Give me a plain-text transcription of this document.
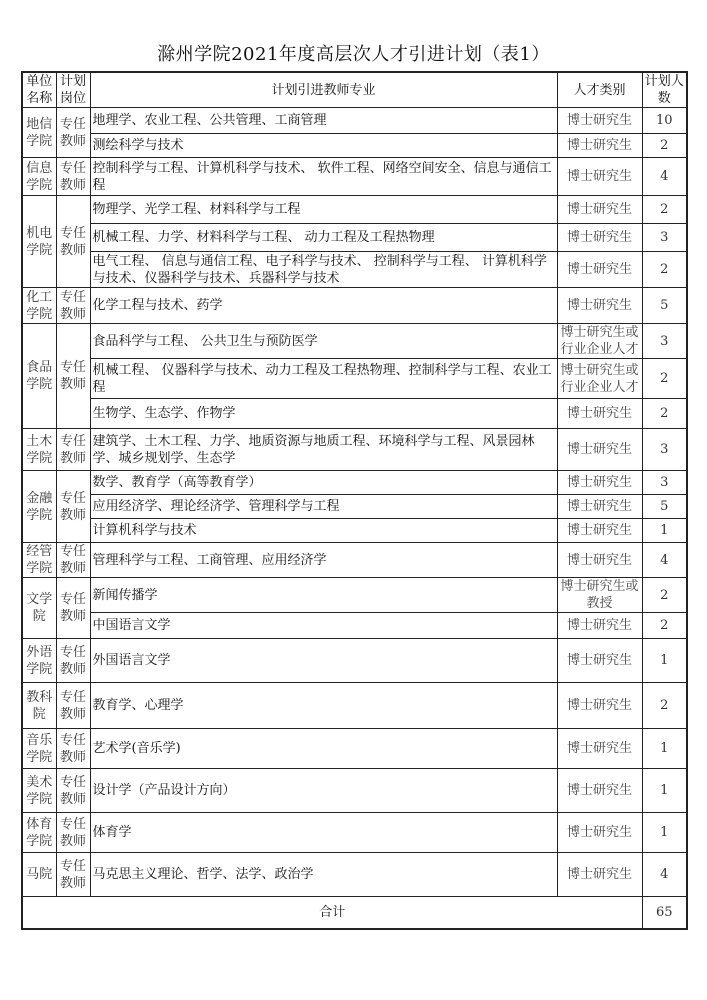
滁州学院2021年度高层次人才引进计划（表1）
单位名称	计划岗位	计划引进教师专业	人才类别	计划人数
地信学院	专任教师	地理学、农业工程、公共管理、工商管理	博士研究生	10
		测绘科学与技术	博士研究生	2
信息学院	专任教师	控制科学与工程、计算机科学与技术、 软件工程、网络空间安全、信息与通信工程	博士研究生	4
机电学院	专任教师	物理学、光学工程、材料科学与工程	博士研究生	2
		机械工程、力学、材料科学与工程、 动力工程及工程热物理	博士研究生	3
		电气工程、 信息与通信工程、电子科学与技术、 控制科学与工程、 计算机科学与技术、仪器科学与技术、兵器科学与技术	博士研究生	2
化工学院	专任教师	化学工程与技术、药学	博士研究生	5
食品学院	专任教师	食品科学与工程、 公共卫生与预防医学	博士研究生或行业企业人才	3
		机械工程、 仪器科学与技术、动力工程及工程热物理、控制科学与工程、农业工程	博士研究生或行业企业人才	2
		生物学、生态学、作物学	博士研究生	2
土木学院	专任教师	建筑学、土木工程、力学、地质资源与地质工程、环境科学与工程、风景园林学、城乡规划学、生态学	博士研究生	3
金融学院	专任教师	数学、教育学（高等教育学）	博士研究生	3
		应用经济学、理论经济学、管理科学与工程	博士研究生	5
		计算机科学与技术	博士研究生	1
经管学院	专任教师	管理科学与工程、工商管理、应用经济学	博士研究生	4
文学院	专任教师	新闻传播学	博士研究生或教授	2
		中国语言文学	博士研究生	2
外语学院	专任教师	外国语言文学	博士研究生	1
教科院	专任教师	教育学、心理学	博士研究生	2
音乐学院	专任教师	艺术学(音乐学)	博士研究生	1
美术学院	专任教师	设计学（产品设计方向）	博士研究生	1
体育学院	专任教师	体育学	博士研究生	1
马院	专任教师	马克思主义理论、哲学、法学、政治学	博士研究生	4
合计				65
